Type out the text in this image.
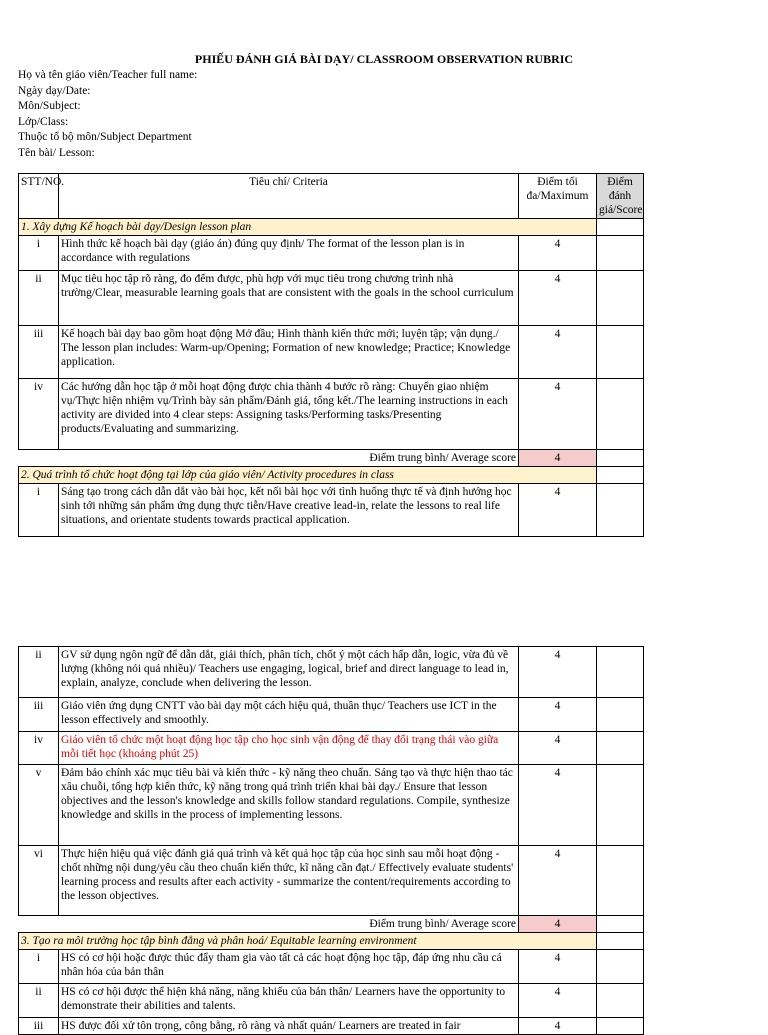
PHIẾU ĐÁNH GIÁ BÀI DẠY/ CLASSROOM OBSERVATION RUBRIC
Họ và tên giáo viên/Teacher full name:
Ngày dạy/Date:
Môn/Subject:
Lớp/Class:
Thuộc tổ bộ môn/Subject Department
Tên bài/ Lesson:
STT/NO.	Tiêu chí/ Criteria	Điểm tối đa/Maximum	Điểm đánh giá/Score
1. Xây dựng Kế hoạch bài dạy/Design lesson plan			
i	Hình thức kế hoạch bài dạy (giáo án) đúng quy định/ The format of the lesson plan is in accordance with regulations	4	
ii	Mục tiêu học tập rõ ràng, đo đếm được, phù hợp với mục tiêu trong chương trình nhà trường/Clear, measurable learning goals that are consistent with the goals in the school curriculum	4	
iii	Kế hoạch bài dạy bao gồm hoạt động Mở đầu; Hình thành kiến thức mới; luyện tập; vận dụng./ The lesson plan includes: Warm-up/Opening; Formation of new knowledge; Practice; Knowledge application.	4	
iv	Các hướng dẫn học tập ở mỗi hoạt động được chia thành 4 bước rõ ràng: Chuyển giao nhiệm vụ/Thực hiện nhiệm vụ/Trình bày sản phẩm/Đánh giá, tổng kết./The learning instructions in each activity are divided into 4 clear steps: Assigning tasks/Performing tasks/Presenting products/Evaluating and summarizing.	4	
Điểm trung bình/ Average score		4	
2. Quá trình tổ chức hoạt động tại lớp của giáo viên/ Activity procedures in class			
i	Sáng tạo trong cách dẫn dắt vào bài học, kết nối bài học với tình huống thực tế và định hướng học sinh tới những sản phẩm ứng dụng thực tiễn/Have creative lead-in, relate the lessons to real life situations, and orientate students towards practical application.	4	
ii	GV sử dụng ngôn ngữ để dẫn dắt, giải thích, phân tích, chốt ý một cách hấp dẫn, logic, vừa đủ về lượng (không nói quá nhiều)/ Teachers use engaging, logical, brief and direct language to lead in, explain, analyze, conclude when delivering the lesson.	4	
iii	Giáo viên ứng dụng CNTT vào bài dạy một cách hiệu quả, thuần thục/ Teachers use ICT in the lesson effectively and smoothly.	4	
iv	Giáo viên tổ chức một hoạt động học tập cho học sinh vận động để thay đổi trạng thái vào giữa mỗi tiết học (khoảng phút 25)	4	
v	Đảm bảo chính xác mục tiêu bài và kiến thức - kỹ năng theo chuẩn. Sáng tạo và thực hiện thao tác xâu chuỗi, tổng hợp kiến thức, kỹ năng trong quá trình triển khai bài dạy./ Ensure that lesson objectives and the lesson's knowledge and skills follow standard regulations. Compile, synthesize knowledge and skills in the process of implementing lessons.	4	
vi	Thực hiện hiệu quả việc đánh giá quá trình và kết quả học tập của học sinh sau mỗi hoạt động - chốt những nội dung/yêu cầu theo chuẩn kiến thức, kĩ năng cần đạt./ Effectively evaluate students' learning process and results after each activity - summarize the content/requirements according to the lesson objectives.	4	
Điểm trung bình/ Average score		4	
3. Tạo ra môi trường học tập bình đẳng và phân hoá/ Equitable learning environment			
i	HS có cơ hội hoặc được thúc đẩy tham gia vào tất cả các hoạt động học tập, đáp ứng nhu cầu cá nhân hóa của bản thân	4	
ii	HS có cơ hội được thể hiện khả năng, năng khiếu của bản thân/ Learners have the opportunity to demonstrate their abilities and talents.	4	
iii	HS được đối xử tôn trọng, công bằng, rõ ràng và nhất quán/ Learners are treated in fair	4	
